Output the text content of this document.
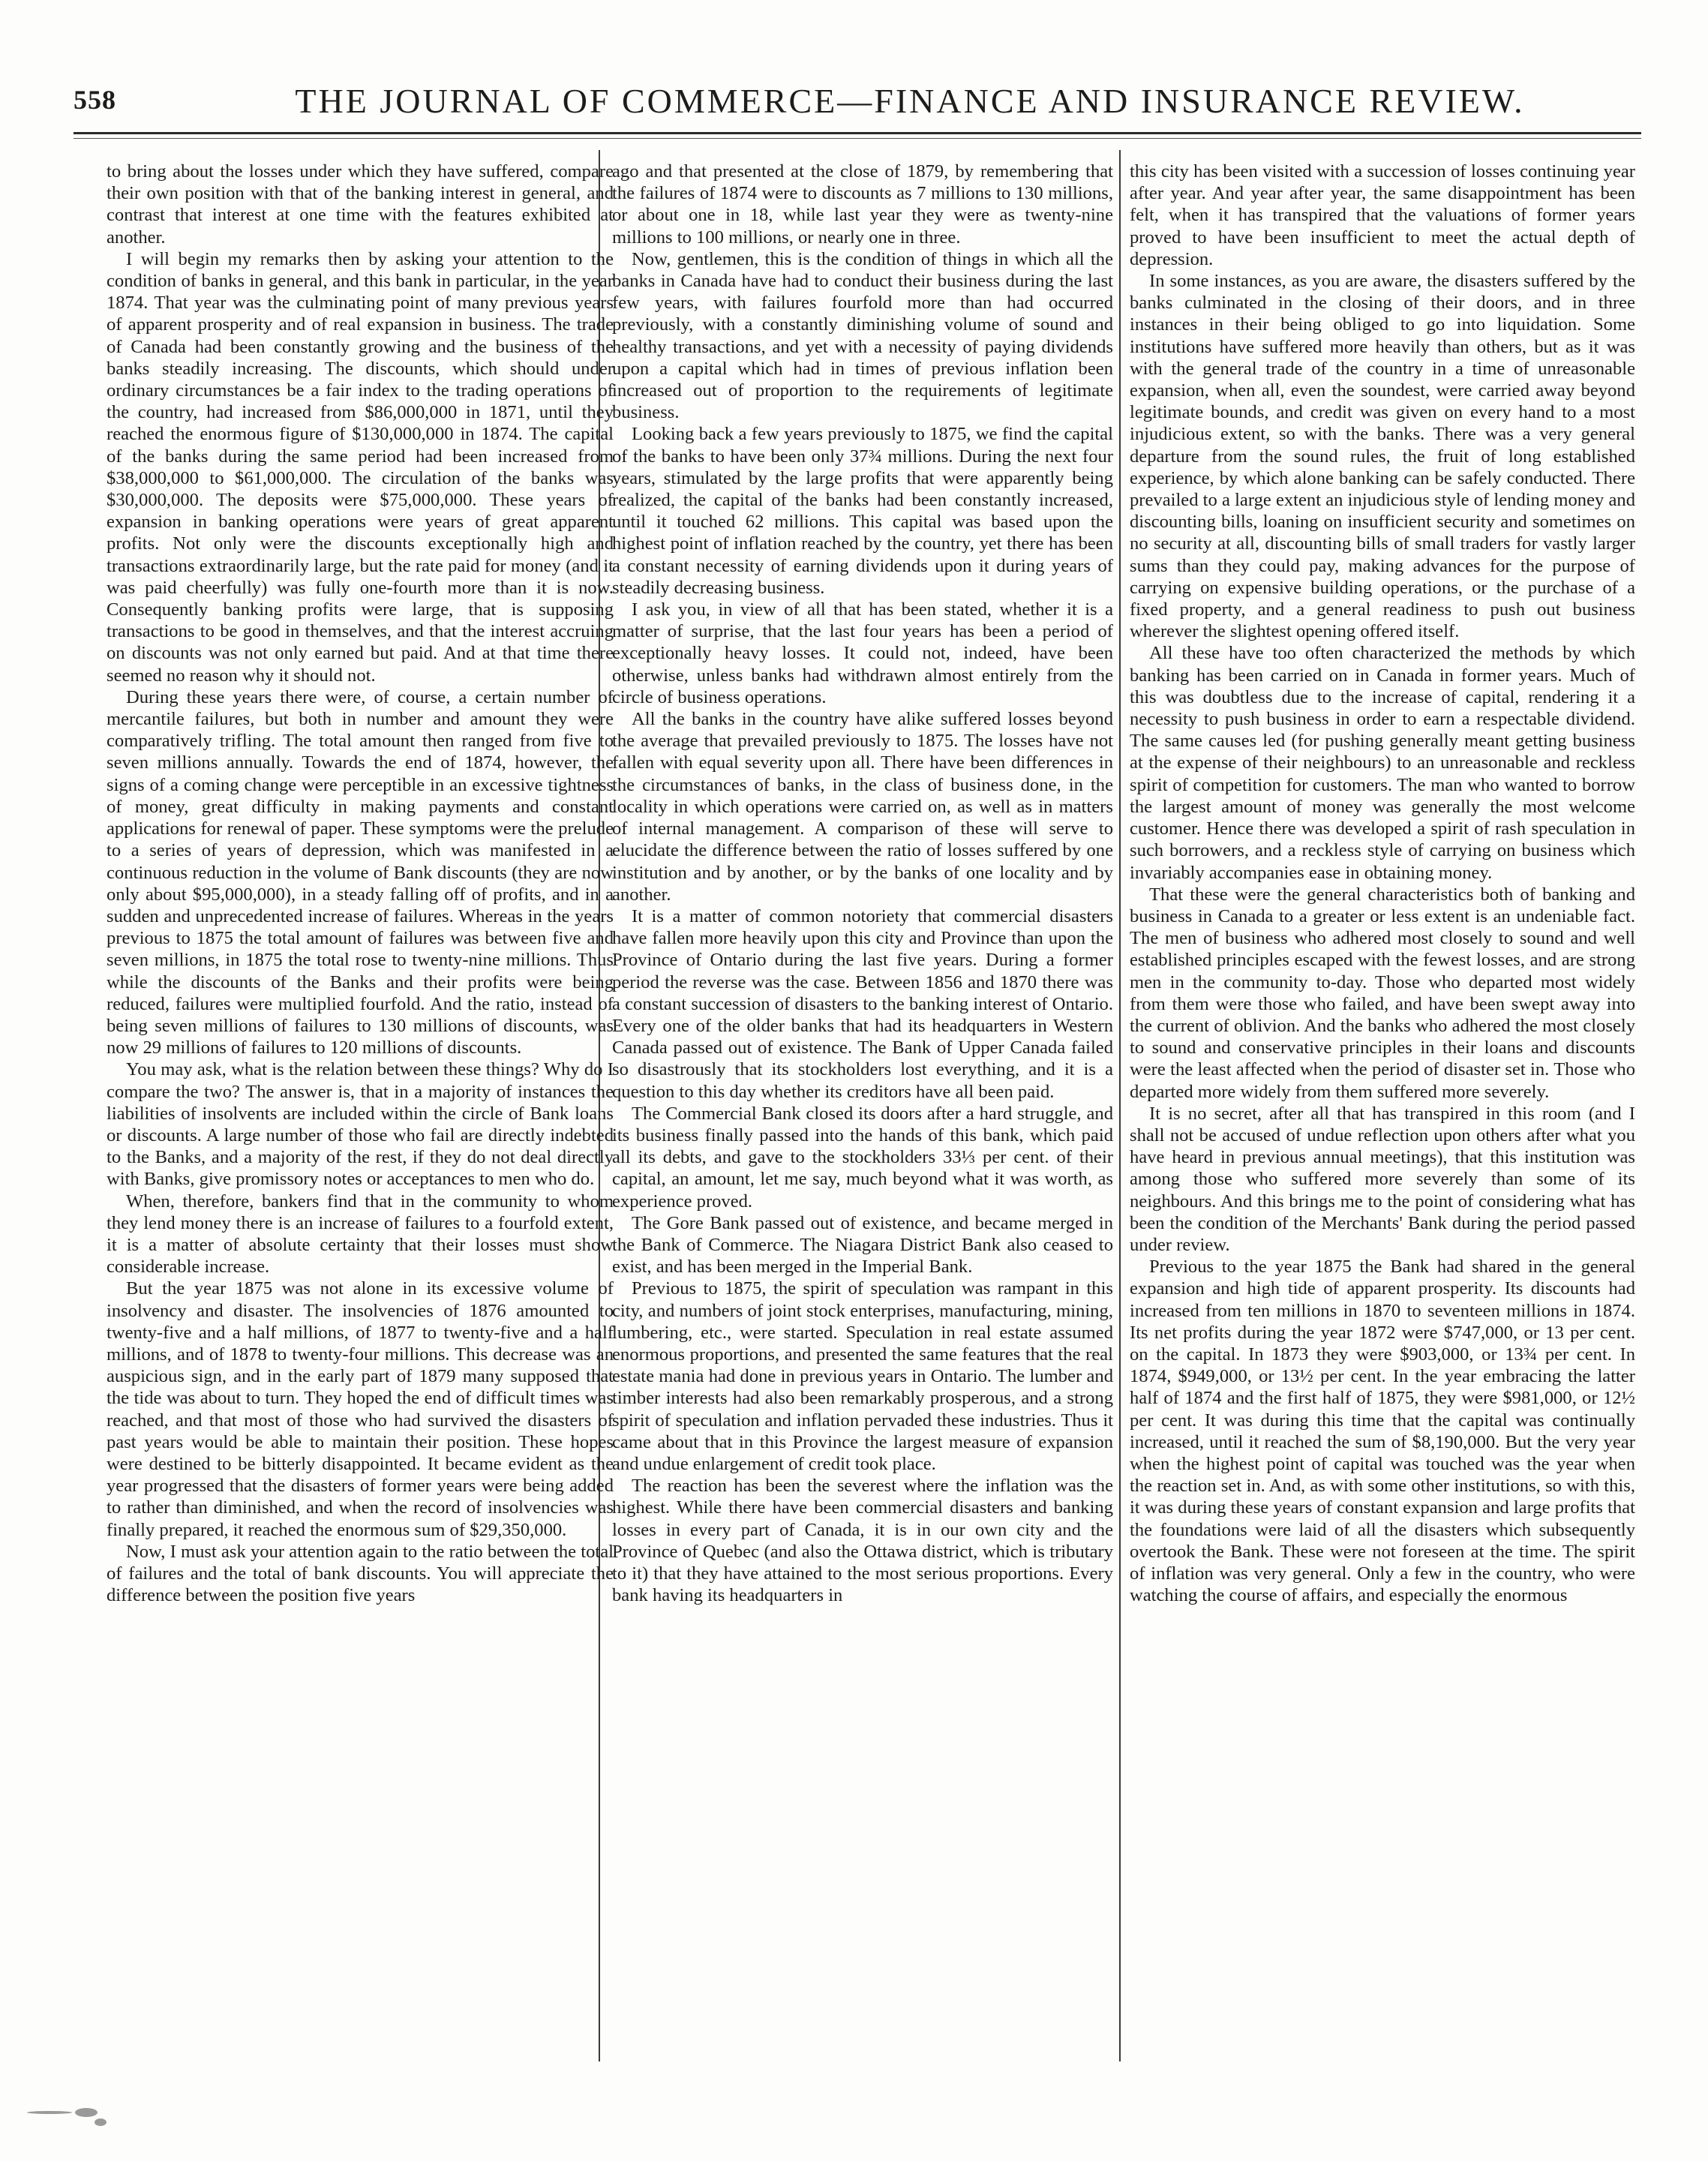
558	THE JOURNAL OF COMMERCE—FINANCE AND INSURANCE REVIEW.

to bring about the losses under which they have suffered, compare their own position with that of the banking interest in general, and contrast that interest at one time with the features exhibited at another.

I will begin my remarks then by asking your attention to the condition of banks in general, and this bank in particular, in the year 1874. That year was the culminating point of many previous years of apparent prosperity and of real expansion in business. The trade of Canada had been constantly growing and the business of the banks steadily increasing. The discounts, which should under ordinary circumstances be a fair index to the trading operations of the country, had increased from $86,000,000 in 1871, until they reached the enormous figure of $130,000,000 in 1874. The capital of the banks during the same period had been increased from $38,000,000 to $61,000,000. The circulation of the banks was $30,000,000. The deposits were $75,000,000. These years of expansion in banking operations were years of great apparent profits. Not only were the discounts exceptionally high and transactions extraordinarily large, but the rate paid for money (and it was paid cheerfully) was fully one-fourth more than it is now. Consequently banking profits were large, that is supposing transactions to be good in themselves, and that the interest accruing on discounts was not only earned but paid. And at that time there seemed no reason why it should not.

During these years there were, of course, a certain number of mercantile failures, but both in number and amount they were comparatively trifling. The total amount then ranged from five to seven millions annually. Towards the end of 1874, however, the signs of a coming change were perceptible in an excessive tightness of money, great difficulty in making payments and constant applications for renewal of paper. These symptoms were the prelude to a series of years of depression, which was manifested in a continuous reduction in the volume of Bank discounts (they are now only about $95,000,000), in a steady falling off of profits, and in a sudden and unprecedented increase of failures. Whereas in the years previous to 1875 the total amount of failures was between five and seven millions, in 1875 the total rose to twenty-nine millions. Thus while the discounts of the Banks and their profits were being reduced, failures were multiplied fourfold. And the ratio, instead of being seven millions of failures to 130 millions of discounts, was now 29 millions of failures to 120 millions of discounts.

You may ask, what is the relation between these things? Why do I compare the two? The answer is, that in a majority of instances the liabilities of insolvents are included within the circle of Bank loans or discounts. A large number of those who fail are directly indebted to the Banks, and a majority of the rest, if they do not deal directly with Banks, give promissory notes or acceptances to men who do.

When, therefore, bankers find that in the community to whom they lend money there is an increase of failures to a fourfold extent, it is a matter of absolute certainty that their losses must show considerable increase.

But the year 1875 was not alone in its excessive volume of insolvency and disaster. The insolvencies of 1876 amounted to twenty-five and a half millions, of 1877 to twenty-five and a half millions, and of 1878 to twenty-four millions. This decrease was an auspicious sign, and in the early part of 1879 many supposed that the tide was about to turn. They hoped the end of difficult times was reached, and that most of those who had survived the disasters of past years would be able to maintain their position. These hopes were destined to be bitterly disappointed. It became evident as the year progressed that the disasters of former years were being added to rather than diminished, and when the record of insolvencies was finally prepared, it reached the enormous sum of $29,350,000.

Now, I must ask your attention again to the ratio between the total of failures and the total of bank discounts. You will appreciate the difference between the position five years

ago and that presented at the close of 1879, by remembering that the failures of 1874 were to discounts as 7 millions to 130 millions, or about one in 18, while last year they were as twenty-nine millions to 100 millions, or nearly one in three.

Now, gentlemen, this is the condition of things in which all the banks in Canada have had to conduct their business during the last few years, with failures fourfold more than had occurred previously, with a constantly diminishing volume of sound and healthy transactions, and yet with a necessity of paying dividends upon a capital which had in times of previous inflation been increased out of proportion to the requirements of legitimate business.

Looking back a few years previously to 1875, we find the capital of the banks to have been only 37¾ millions. During the next four years, stimulated by the large profits that were apparently being realized, the capital of the banks had been constantly increased, until it touched 62 millions. This capital was based upon the highest point of inflation reached by the country, yet there has been a constant necessity of earning dividends upon it during years of steadily decreasing business.

I ask you, in view of all that has been stated, whether it is a matter of surprise, that the last four years has been a period of exceptionally heavy losses. It could not, indeed, have been otherwise, unless banks had withdrawn almost entirely from the circle of business operations.

All the banks in the country have alike suffered losses beyond the average that prevailed previously to 1875. The losses have not fallen with equal severity upon all. There have been differences in the circumstances of banks, in the class of business done, in the locality in which operations were carried on, as well as in matters of internal management. A comparison of these will serve to elucidate the difference between the ratio of losses suffered by one institution and by another, or by the banks of one locality and by another.

It is a matter of common notoriety that commercial disasters have fallen more heavily upon this city and Province than upon the Province of Ontario during the last five years. During a former period the reverse was the case. Between 1856 and 1870 there was a constant succession of disasters to the banking interest of Ontario. Every one of the older banks that had its headquarters in Western Canada passed out of existence. The Bank of Upper Canada failed so disastrously that its stockholders lost everything, and it is a question to this day whether its creditors have all been paid.

The Commercial Bank closed its doors after a hard struggle, and its business finally passed into the hands of this bank, which paid all its debts, and gave to the stockholders 33⅓ per cent. of their capital, an amount, let me say, much beyond what it was worth, as experience proved.

The Gore Bank passed out of existence, and became merged in the Bank of Commerce. The Niagara District Bank also ceased to exist, and has been merged in the Imperial Bank.

Previous to 1875, the spirit of speculation was rampant in this city, and numbers of joint stock enterprises, manufacturing, mining, lumbering, etc., were started. Speculation in real estate assumed enormous proportions, and presented the same features that the real estate mania had done in previous years in Ontario. The lumber and timber interests had also been remarkably prosperous, and a strong spirit of speculation and inflation pervaded these industries. Thus it came about that in this Province the largest measure of expansion and undue enlargement of credit took place.

The reaction has been the severest where the inflation was the highest. While there have been commercial disasters and banking losses in every part of Canada, it is in our own city and the Province of Quebec (and also the Ottawa district, which is tributary to it) that they have attained to the most serious proportions. Every bank having its headquarters in

this city has been visited with a succession of losses continuing year after year. And year after year, the same disappointment has been felt, when it has transpired that the valuations of former years proved to have been insufficient to meet the actual depth of depression.

In some instances, as you are aware, the disasters suffered by the banks culminated in the closing of their doors, and in three instances in their being obliged to go into liquidation. Some institutions have suffered more heavily than others, but as it was with the general trade of the country in a time of unreasonable expansion, when all, even the soundest, were carried away beyond legitimate bounds, and credit was given on every hand to a most injudicious extent, so with the banks. There was a very general departure from the sound rules, the fruit of long established experience, by which alone banking can be safely conducted. There prevailed to a large extent an injudicious style of lending money and discounting bills, loaning on insufficient security and sometimes on no security at all, discounting bills of small traders for vastly larger sums than they could pay, making advances for the purpose of carrying on expensive building operations, or the purchase of a fixed property, and a general readiness to push out business wherever the slightest opening offered itself.

All these have too often characterized the methods by which banking has been carried on in Canada in former years. Much of this was doubtless due to the increase of capital, rendering it a necessity to push business in order to earn a respectable dividend. The same causes led (for pushing generally meant getting business at the expense of their neighbours) to an unreasonable and reckless spirit of competition for customers. The man who wanted to borrow the largest amount of money was generally the most welcome customer. Hence there was developed a spirit of rash speculation in such borrowers, and a reckless style of carrying on business which invariably accompanies ease in obtaining money.

That these were the general characteristics both of banking and business in Canada to a greater or less extent is an undeniable fact. The men of business who adhered most closely to sound and well established principles escaped with the fewest losses, and are strong men in the community to-day. Those who departed most widely from them were those who failed, and have been swept away into the current of oblivion. And the banks who adhered the most closely to sound and conservative principles in their loans and discounts were the least affected when the period of disaster set in. Those who departed more widely from them suffered more severely.

It is no secret, after all that has transpired in this room (and I shall not be accused of undue reflection upon others after what you have heard in previous annual meetings), that this institution was among those who suffered more severely than some of its neighbours. And this brings me to the point of considering what has been the condition of the Merchants' Bank during the period passed under review.

Previous to the year 1875 the Bank had shared in the general expansion and high tide of apparent prosperity. Its discounts had increased from ten millions in 1870 to seventeen millions in 1874. Its net profits during the year 1872 were $747,000, or 13 per cent. on the capital. In 1873 they were $903,000, or 13¾ per cent. In 1874, $949,000, or 13½ per cent. In the year embracing the latter half of 1874 and the first half of 1875, they were $981,000, or 12½ per cent. It was during this time that the capital was continually increased, until it reached the sum of $8,190,000. But the very year when the highest point of capital was touched was the year when the reaction set in. And, as with some other institutions, so with this, it was during these years of constant expansion and large profits that the foundations were laid of all the disasters which subsequently overtook the Bank. These were not foreseen at the time. The spirit of inflation was very general. Only a few in the country, who were watching the course of affairs, and especially the enormous
